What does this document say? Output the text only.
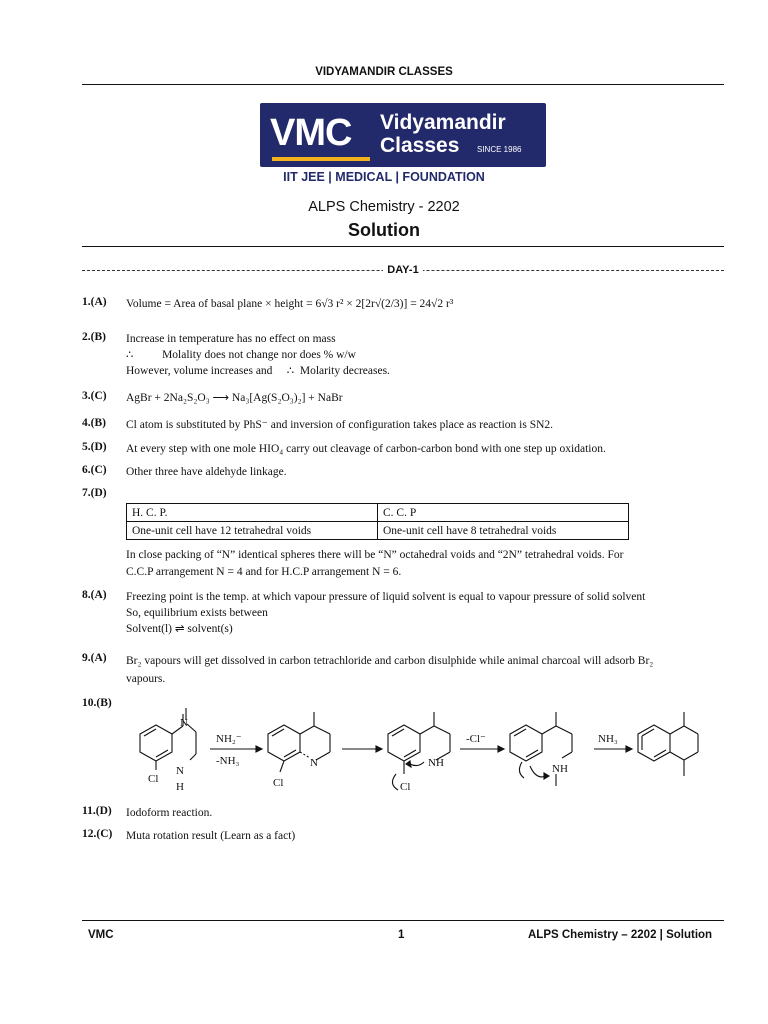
VIDYAMANDIR CLASSES
VMC Vidyamandir
Classes SINCE 1986
IIT JEE | MEDICAL | FOUNDATION
ALPS Chemistry - 2202
Solution
DAY-1
1.(A) Volume = Area of basal plane × height = 6√3 r² × 2[2r√(2/3)] = 24√2 r³
2.(B) Increase in temperature has no effect on mass
∴          Molality does not change nor does % w/w
However, volume increases and     ∴  Molarity decreases.
3.(C) AgBr + 2Na₂S₂O₃ ⟶ Na₃[Ag(S₂O₃)₂] + NaBr
4.(B) Cl atom is substituted by PhS⁻ and inversion of configuration takes place as reaction is SN2.
5.(D) At every step with one mole HIO₄ carry out cleavage of carbon-carbon bond with one step up oxidation.
6.(C) Other three have aldehyde linkage.
7.(D)
H. C. P.	C. C. P
One-unit cell have 12 tetrahedral voids	One-unit cell have 8 tetrahedral voids
In close packing of “N” identical spheres there will be “N” octahedral voids and “2N” tetrahedral voids. For C.C.P arrangement N = 4 and for H.C.P arrangement N = 6.
8.(A) Freezing point is the temp. at which vapour pressure of liquid solvent is equal to vapour pressure of solid solvent
So, equilibrium exists between
Solvent(l) ⇌ solvent(s)
9.(A) Br₂ vapours will get dissolved in carbon tetrachloride and carbon disulphide while animal charcoal will adsorb Br₂
vapours.
10.(B)
NH₂⁻
-NH₃
Cl
N
N
H	Cl
N	NH
Cl
-Cl⁻
NH
NH₃
11.(D) Iodoform reaction.
12.(C) Muta rotation result (Learn as a fact)
VMC	1	ALPS Chemistry – 2202 | Solution
